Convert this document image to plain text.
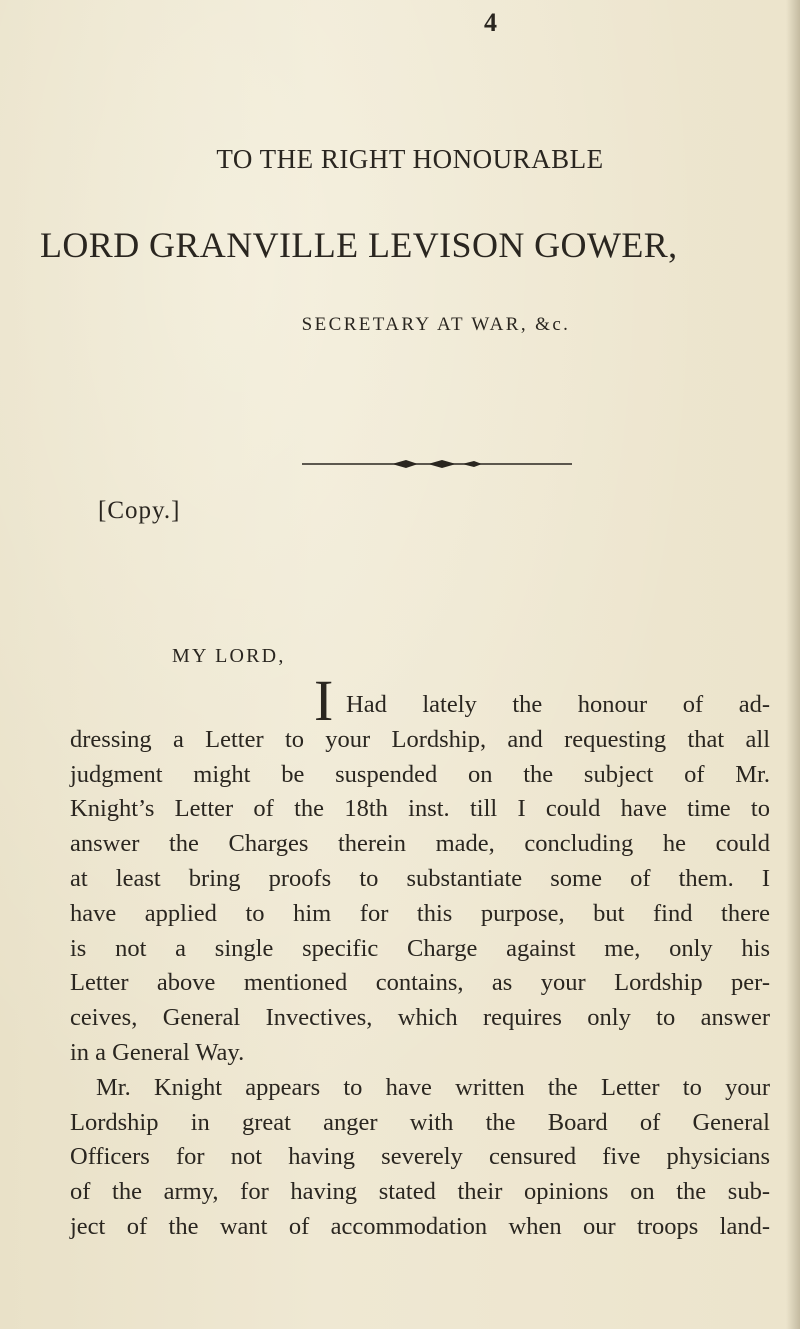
4
TO THE RIGHT HONOURABLE
LORD GRANVILLE LEVISON GOWER,
SECRETARY AT WAR, &c.
[Copy.]
MY LORD,
I Had lately the honour of ad-
dressing a Letter to your Lordship, and requesting that all
judgment might be suspended on the subject of Mr.
Knight’s Letter of the 18th inst. till I could have time to
answer the Charges therein made, concluding he could
at least bring proofs to substantiate some of them. I
have applied to him for this purpose, but find there
is not a single specific Charge against me, only his
Letter above mentioned contains, as your Lordship per-
ceives, General Invectives, which requires only to answer
in a General Way.
Mr. Knight appears to have written the Letter to your
Lordship in great anger with the Board of General
Officers for not having severely censured five physicians
of the army, for having stated their opinions on the sub-
ject of the want of accommodation when our troops land-
